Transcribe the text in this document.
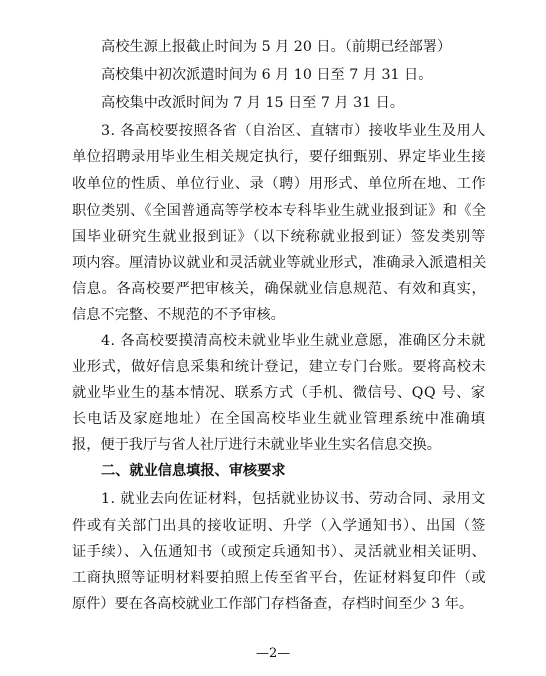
高校生源上报截止时间为 5 月 20 日。（前期已经部署）
高校集中初次派遣时间为 6 月 10 日至 7 月 31 日。
高校集中改派时间为 7 月 15 日至 7 月 31 日。
3. 各高校要按照各省（自治区、直辖市）接收毕业生及用人
单位招聘录用毕业生相关规定执行，要仔细甄别、界定毕业生接
收单位的性质、单位行业、录（聘）用形式、单位所在地、工作
职位类别、《全国普通高等学校本专科毕业生就业报到证》和《全
国毕业研究生就业报到证》（以下统称就业报到证）签发类别等
项内容。厘清协议就业和灵活就业等就业形式，准确录入派遣相关
信息。各高校要严把审核关，确保就业信息规范、有效和真实，
信息不完整、不规范的不予审核。
4. 各高校要摸清高校未就业毕业生就业意愿，准确区分未就
业形式，做好信息采集和统计登记，建立专门台账。要将高校未
就业毕业生的基本情况、联系方式（手机、微信号、QQ 号、家
长电话及家庭地址）在全国高校毕业生就业管理系统中准确填
报，便于我厅与省人社厅进行未就业毕业生实名信息交换。
二、就业信息填报、审核要求
1. 就业去向佐证材料，包括就业协议书、劳动合同、录用文
件或有关部门出具的接收证明、升学（入学通知书）、出国（签
证手续）、入伍通知书（或预定兵通知书）、灵活就业相关证明、
工商执照等证明材料要拍照上传至省平台，佐证材料复印件（或
原件）要在各高校就业工作部门存档备查，存档时间至少 3 年。
—2—
